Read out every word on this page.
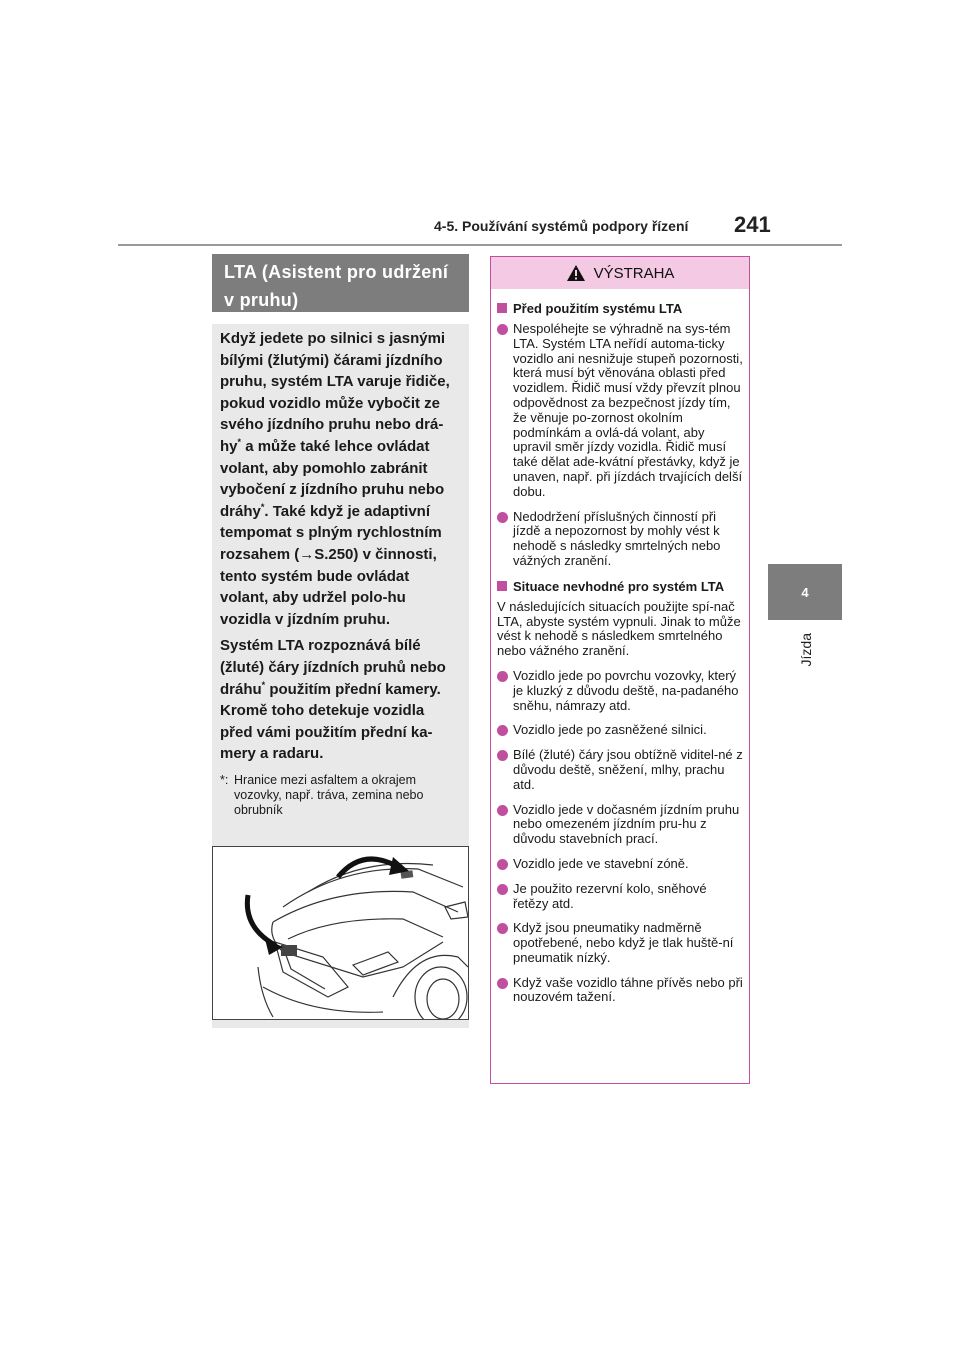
4-5. Používání systémů podpory řízení 241
4
Jízda
LTA (Asistent pro udržení
v pruhu)

Když jedete po silnici s jasnými bílými (žlutými) čárami jízdního pruhu, systém LTA varuje řidiče, pokud vozidlo může vybočit ze svého jízdního pruhu nebo drá-hy* a může také lehce ovládat volant, aby pomohlo zabránit vybočení z jízdního pruhu nebo dráhy*. Také když je adaptivní tempomat s plným rychlostním rozsahem (→S.250) v činnosti, tento systém bude ovládat volant, aby udržel polo-hu vozidla v jízdním pruhu.

Systém LTA rozpoznává bílé (žluté) čáry jízdních pruhů nebo dráhu* použitím přední kamery. Kromě toho detekuje vozidla před vámi použitím přední ka-mery a radaru.

*: Hranice mezi asfaltem a okrajem vozovky, např. tráva, zemina nebo obrubník
VÝSTRAHA
Před použitím systému LTA
Nespoléhejte se výhradně na sys-tém LTA. Systém LTA neřídí automa-ticky vozidlo ani nesnižuje stupeň pozornosti, která musí být věnována oblasti před vozidlem. Řidič musí vždy převzít plnou odpovědnost za bezpečnost jízdy tím, že věnuje po-zornost okolním podmínkám a ovlá-dá volant, aby upravil směr jízdy vozidla. Řidič musí také dělat ade-kvátní přestávky, když je unaven, např. při jízdách trvajících delší dobu.
Nedodržení příslušných činností při jízdě a nepozornost by mohly vést k nehodě s následky smrtelných nebo vážných zranění.
Situace nevhodné pro systém LTA
V následujících situacích použijte spí-nač LTA, abyste systém vypnuli. Jinak to může vést k nehodě s následkem smrtelného nebo vážného zranění.
Vozidlo jede po povrchu vozovky, který je kluzký z důvodu deště, na-padaného sněhu, námrazy atd.
Vozidlo jede po zasněžené silnici.
Bílé (žluté) čáry jsou obtížně viditel-né z důvodu deště, sněžení, mlhy, prachu atd.
Vozidlo jede v dočasném jízdním pruhu nebo omezeném jízdním pru-hu z důvodu stavebních prací.
Vozidlo jede ve stavební zóně.
Je použito rezervní kolo, sněhové řetězy atd.
Když jsou pneumatiky nadměrně opotřebené, nebo když je tlak huště-ní pneumatik nízký.
Když vaše vozidlo táhne přívěs nebo při nouzovém tažení.
